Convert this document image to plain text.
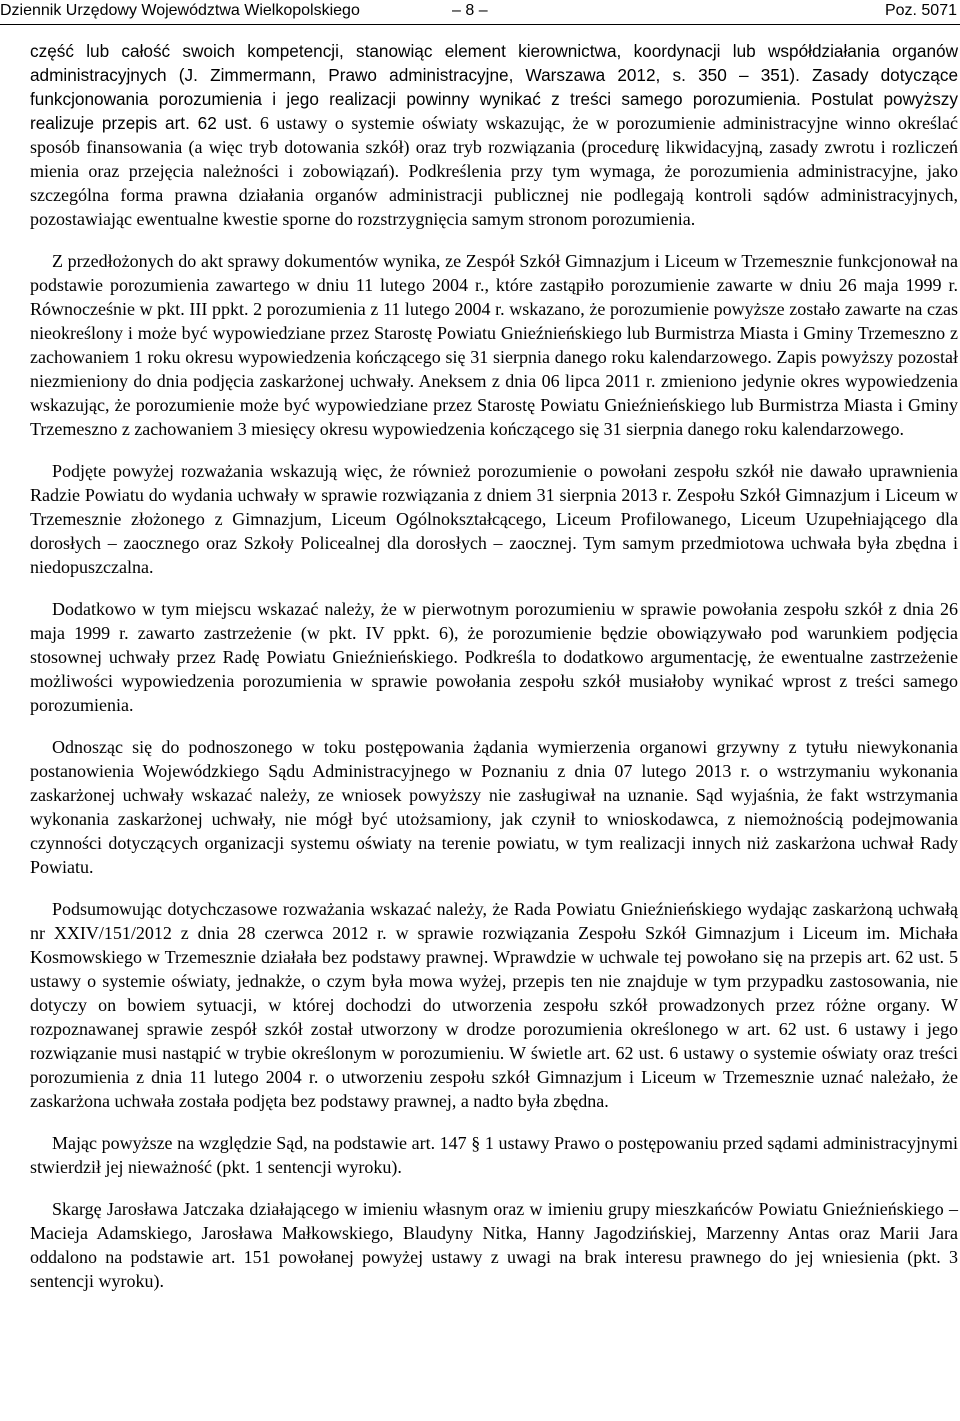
Dziennik Urzędowy Województwa Wielkopolskiego	– 8 –	Poz. 5071

część lub całość swoich kompetencji, stanowiąc element kierownictwa, koordynacji lub współdziałania organów administracyjnych (J. Zimmermann, Prawo administracyjne, Warszawa 2012, s. 350 – 351). Zasady dotyczące funkcjonowania porozumienia i jego realizacji powinny wynikać z treści samego porozumienia. Postulat powyższy realizuje przepis art. 62 ust. 6 ustawy o systemie oświaty wskazując, że w porozumienie administracyjne winno określać sposób finansowania (a więc tryb dotowania szkół) oraz tryb rozwiązania (procedurę likwidacyjną, zasady zwrotu i rozliczeń mienia oraz przejęcia należności i zobowiązań). Podkreślenia przy tym wymaga, że porozumienia administracyjne, jako szczególna forma prawna działania organów administracji publicznej nie podlegają kontroli sądów administracyjnych, pozostawiając ewentualne kwestie sporne do rozstrzygnięcia samym stronom porozumienia.

Z przedłożonych do akt sprawy dokumentów wynika, ze Zespół Szkół Gimnazjum i Liceum w Trzemesznie funkcjonował na podstawie porozumienia zawartego w dniu 11 lutego 2004 r., które zastąpiło porozumienie zawarte w dniu 26 maja 1999 r. Równocześnie w pkt. III ppkt. 2 porozumienia z 11 lutego 2004 r. wskazano, że porozumienie powyższe zostało zawarte na czas nieokreślony i może być wypowiedziane przez Starostę Powiatu Gnieźnieńskiego lub Burmistrza Miasta i Gminy Trzemeszno z zachowaniem 1 roku okresu wypowiedzenia kończącego się 31 sierpnia danego roku kalendarzowego. Zapis powyższy pozostał niezmieniony do dnia podjęcia zaskarżonej uchwały. Aneksem z dnia 06 lipca 2011 r. zmieniono jedynie okres wypowiedzenia wskazując, że porozumienie może być wypowiedziane przez Starostę Powiatu Gnieźnieńskiego lub Burmistrza Miasta i Gminy Trzemeszno z zachowaniem 3 miesięcy okresu wypowiedzenia kończącego się 31 sierpnia danego roku kalendarzowego.

Podjęte powyżej rozważania wskazują więc, że również porozumienie o powołani zespołu szkół nie dawało uprawnienia Radzie Powiatu do wydania uchwały w sprawie rozwiązania z dniem 31 sierpnia 2013 r. Zespołu Szkół Gimnazjum i Liceum w Trzemesznie złożonego z Gimnazjum, Liceum Ogólnokształcącego, Liceum Profilowanego, Liceum Uzupełniającego dla dorosłych – zaocznego oraz Szkoły Policealnej dla dorosłych – zaocznej. Tym samym przedmiotowa uchwała była zbędna i niedopuszczalna.

Dodatkowo w tym miejscu wskazać należy, że w pierwotnym porozumieniu w sprawie powołania zespołu szkół z dnia 26 maja 1999 r. zawarto zastrzeżenie (w pkt. IV ppkt. 6), że porozumienie będzie obowiązywało pod warunkiem podjęcia stosownej uchwały przez Radę Powiatu Gnieźnieńskiego. Podkreśla to dodatkowo argumentację, że ewentualne zastrzeżenie możliwości wypowiedzenia porozumienia w sprawie powołania zespołu szkół musiałoby wynikać wprost z treści samego porozumienia.

Odnosząc się do podnoszonego w toku postępowania żądania wymierzenia organowi grzywny z tytułu niewykonania postanowienia Wojewódzkiego Sądu Administracyjnego w Poznaniu z dnia 07 lutego 2013 r. o wstrzymaniu wykonania zaskarżonej uchwały wskazać należy, ze wniosek powyższy nie zasługiwał na uznanie. Sąd wyjaśnia, że fakt wstrzymania wykonania zaskarżonej uchwały, nie mógł być utożsamiony, jak czynił to wnioskodawca, z niemożnością podejmowania czynności dotyczących organizacji systemu oświaty na terenie powiatu, w tym realizacji innych niż zaskarżona uchwał Rady Powiatu.

Podsumowując dotychczasowe rozważania wskazać należy, że Rada Powiatu Gnieźnieńskiego wydając zaskarżoną uchwałą nr XXIV/151/2012 z dnia 28 czerwca 2012 r. w sprawie rozwiązania Zespołu Szkół Gimnazjum i Liceum im. Michała Kosmowskiego w Trzemesznie działała bez podstawy prawnej. Wprawdzie w uchwale tej powołano się na przepis art. 62 ust. 5 ustawy o systemie oświaty, jednakże, o czym była mowa wyżej, przepis ten nie znajduje w tym przypadku zastosowania, nie dotyczy on bowiem sytuacji, w której dochodzi do utworzenia zespołu szkół prowadzonych przez różne organy. W rozpoznawanej sprawie zespół szkół został utworzony w drodze porozumienia określonego w art. 62 ust. 6 ustawy i jego rozwiązanie musi nastąpić w trybie określonym w porozumieniu. W świetle art. 62 ust. 6 ustawy o systemie oświaty oraz treści porozumienia z dnia 11 lutego 2004 r. o utworzeniu zespołu szkół Gimnazjum i Liceum w Trzemesznie uznać należało, że zaskarżona uchwała została podjęta bez podstawy prawnej, a nadto była zbędna.

Mając powyższe na względzie Sąd, na podstawie art. 147 § 1 ustawy Prawo o postępowaniu przed sądami administracyjnymi stwierdził jej nieważność (pkt. 1 sentencji wyroku).

Skargę Jarosława Jatczaka działającego w imieniu własnym oraz w imieniu grupy mieszkańców Powiatu Gnieźnieńskiego – Macieja Adamskiego, Jarosława Małkowskiego, Blaudyny Nitka, Hanny Jagodzińskiej, Marzenny Antas oraz Marii Jara oddalono na podstawie art. 151 powołanej powyżej ustawy z uwagi na brak interesu prawnego do jej wniesienia (pkt. 3 sentencji wyroku).
